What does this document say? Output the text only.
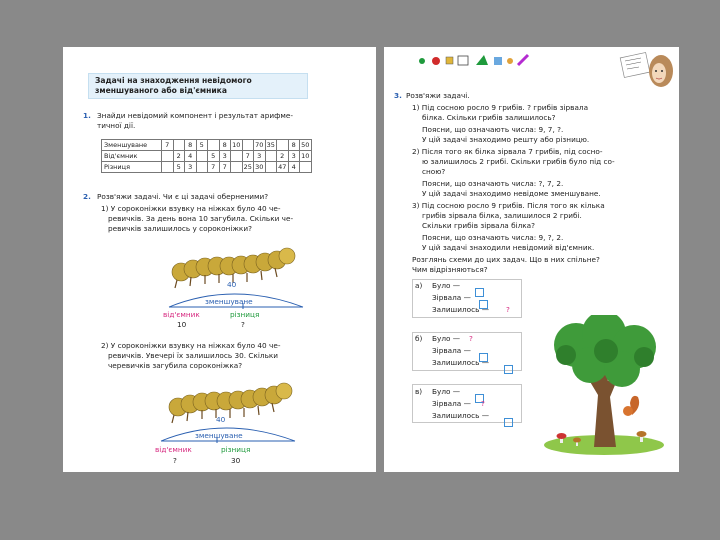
Задачі на знаходження невідомого
зменшуваного або від'ємника
1. Знайди невідомий компонент і результат арифме-
тичної дії.
Зменшуване	7		8	5		8	10		70	35		8	50
Від'ємник		2	4		5	3		7	3		2	3	10
Різниця		5	3		7	7		25	30		47	4	
2. Розв'яжи задачі. Чи є ці задачі оберненими?
1) У сороконіжки взувку на ніжках було 40 че-
ревичків. За день вона 10 загубила. Скільки че-
ревичків залишилось у сороконіжки?
40
зменшуване
від'ємник
10
різниця
?
2) У сороконіжки взувку на ніжках було 40 че-
ревичків. Увечері їх залишилось 30. Скільки
черевичків загубила сороконіжка?
40
зменшуване
від'ємник
?
різниця
30
3. Розв'яжи задачі.
1) Під сосною росло 9 грибів. ? грибів зірвала
білка. Скільки грибів залишилось?
Поясни, що означають числа: 9, 7, ?.
У цій задачі знаходимо решту або різницю.
2) Після того як білка зірвала 7 грибів, під сосно-
ю залишилось 2 грибі. Скільки грибів було під со-
сною?
Поясни, що означають числа: ?, 7, 2.
У цій задачі знаходимо невідоме зменшуване.
3) Під сосною росло 9 грибів. Після того як кілька
грибів зірвала білка, залишилося 2 грибі.
Скільки грибів зірвала білка?
Поясни, що означають числа: 9, ?, 2.
У цій задачі знаходили невідомий від'ємник.
Розглянь схеми до цих задач. Що в них спільне?
Чим відрізняються?
а) Було —
Зірвала —
Залишилось — ?
б) Було — ?
Зірвала —
Залишилось —
в) Було —
Зірвала — ?
Залишилось —
